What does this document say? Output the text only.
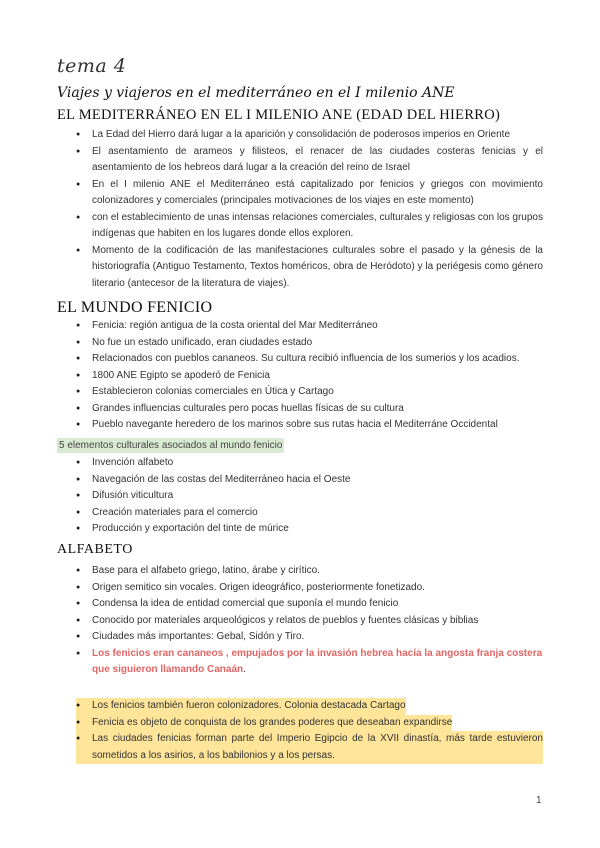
tema 4
Viajes y viajeros en el mediterráneo en el I milenio ANE
EL MEDITERRÁNEO EN EL I MILENIO ANE (EDAD DEL HIERRO)
● La Edad del Hierro dará lugar a la aparición y consolidación de poderosos imperios en Oriente
● El asentamiento de arameos y filisteos, el renacer de las ciudades costeras fenicias y el asentamiento de los hebreos dará lugar a la creación del reino de Israel
● En el I milenio ANE el Mediterráneo está capitalizado por fenicios y griegos con movimiento colonizadores y comerciales (principales motivaciones de los viajes en este momento)
● con el establecimiento de unas intensas relaciones comerciales, culturales y religiosas con los grupos indígenas que habiten en los lugares donde ellos exploren.
● Momento de la codificación de las manifestaciones culturales sobre el pasado y la génesis de la historiografía (Antiguo Testamento, Textos homéricos, obra de Heródoto) y la periégesis como género literario (antecesor de la literatura de viajes).
EL MUNDO FENICIO
● Fenicia: región antigua de la costa oriental del Mar Mediterráneo
● No fue un estado unificado, eran ciudades estado
● Relacionados con pueblos cananeos. Su cultura recibió influencia de los sumerios y los acadios.
● 1800 ANE Egipto se apoderó de Fenicia
● Establecieron colonias comerciales en Útica y Cartago
● Grandes influencias culturales pero pocas huellas físicas de su cultura
● Pueblo navegante heredero de los marinos sobre sus rutas hacia el Mediterráne Occidental
5 elementos culturales asociados al mundo fenicio
● Invención alfabeto
● Navegación de las costas del Mediterráneo hacia el Oeste
● Difusión viticultura
● Creación materiales para el comercio
● Producción y exportación del tinte de múrice
ALFABETO
● Base para el alfabeto griego, latino, árabe y cirítico.
● Origen semitico sin vocales. Origen ideográfico, posteriormente fonetizado.
● Condensa la idea de entidad comercial que suponía el mundo fenicio
● Conocido por materiales arqueológicos y relatos de pueblos y fuentes clásicas y biblias
● Ciudades más importantes: Gebal, Sidón y Tiro.
● Los fenicios eran cananeos , empujados por la invasión hebrea hacía la angosta franja costera que siguieron llamando Canaán.
● Los fenicios también fueron colonizadores. Colonia destacada Cartago
● Fenicia es objeto de conquista de los grandes poderes que deseaban expandirse
● Las ciudades fenicias forman parte del Imperio Egipcio de la XVII dinastía, más tarde estuvieron sometidos a los asirios, a los babilonios y a los persas.
1
